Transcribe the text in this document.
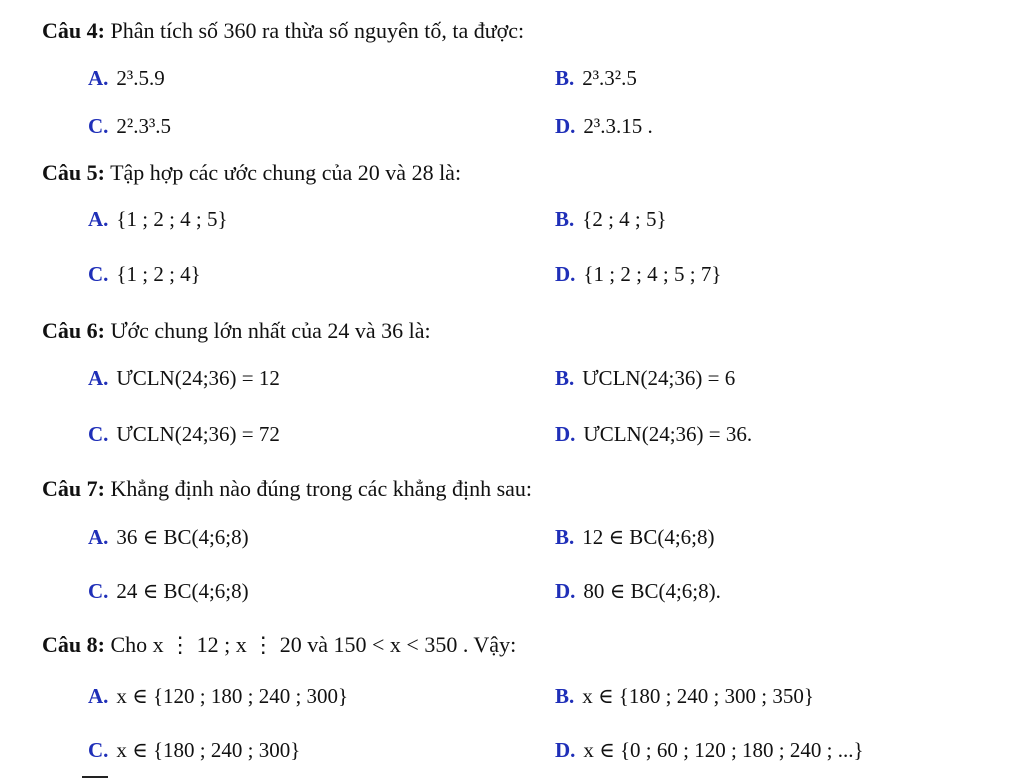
Câu 4: Phân tích số 360 ra thừa số nguyên tố, ta được:
A. 2³.5.9	B. 2³.3².5
C. 2².3³.5	D. 2³.3.15 .
Câu 5: Tập hợp các ước chung của 20 và 28 là:
A. {1 ; 2 ; 4 ; 5}	B. {2 ; 4 ; 5}
C. {1 ; 2 ; 4}	D. {1 ; 2 ; 4 ; 5 ; 7}
Câu 6: Ước chung lớn nhất của 24 và 36 là:
A. ƯCLN(24;36) = 12	B. ƯCLN(24;36) = 6
C. ƯCLN(24;36) = 72	D. ƯCLN(24;36) = 36.
Câu 7: Khẳng định nào đúng trong các khẳng định sau:
A. 36 ∈ BC(4;6;8)	B. 12 ∈ BC(4;6;8)
C. 24 ∈ BC(4;6;8)	D. 80 ∈ BC(4;6;8).
Câu 8: Cho x ⋮ 12 ; x ⋮ 20 và 150 < x < 350 . Vậy:
A. x ∈ {120 ; 180 ; 240 ; 300}	B. x ∈ {180 ; 240 ; 300 ; 350}
C. x ∈ {180 ; 240 ; 300}	D. x ∈ {0 ; 60 ; 120 ; 180 ; 240 ; ...}
